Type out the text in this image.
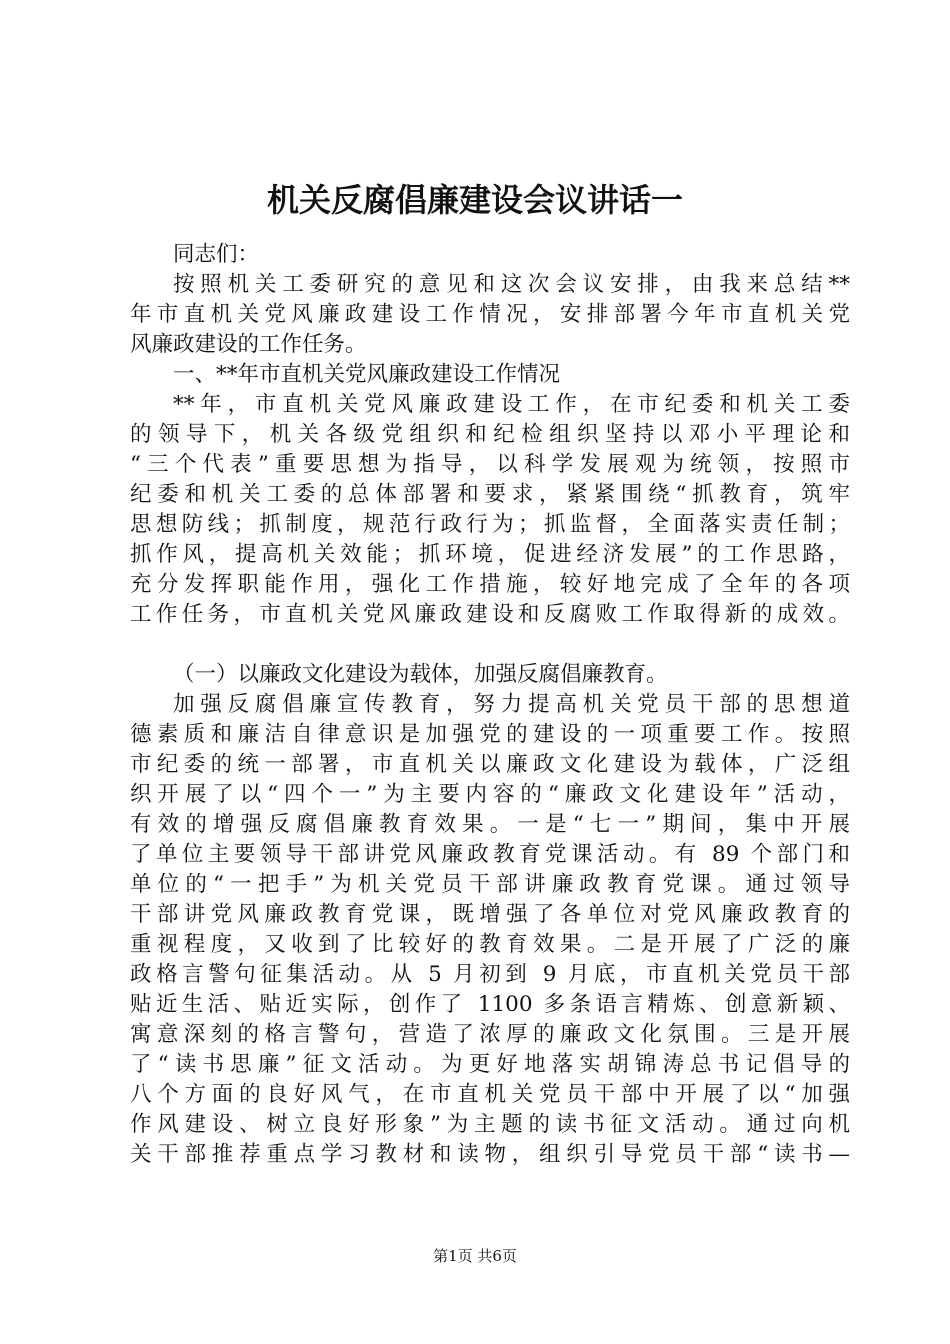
机关反腐倡廉建设会议讲话一
同志们：
按照机关工委研究的意见和这次会议安排，由我来总结**
年市直机关党风廉政建设工作情况，安排部署今年市直机关党
风廉政建设的工作任务。
一、**年市直机关党风廉政建设工作情况
**年，市直机关党风廉政建设工作，在市纪委和机关工委
的领导下，机关各级党组织和纪检组织坚持以邓小平理论和
“三个代表”重要思想为指导，以科学发展观为统领，按照市
纪委和机关工委的总体部署和要求，紧紧围绕“抓教育，筑牢
思想防线；抓制度，规范行政行为；抓监督，全面落实责任制；
抓作风，提高机关效能；抓环境，促进经济发展”的工作思路，
充分发挥职能作用，强化工作措施，较好地完成了全年的各项
工作任务，市直机关党风廉政建设和反腐败工作取得新的成效。
（一）以廉政文化建设为载体，加强反腐倡廉教育。
加强反腐倡廉宣传教育，努力提高机关党员干部的思想道
德素质和廉洁自律意识是加强党的建设的一项重要工作。按照
市纪委的统一部署，市直机关以廉政文化建设为载体，广泛组
织开展了以“四个一”为主要内容的“廉政文化建设年”活动，
有效的增强反腐倡廉教育效果。一是“七一”期间，集中开展
了单位主要领导干部讲党风廉政教育党课活动。有 89 个部门和
单位的“一把手”为机关党员干部讲廉政教育党课。通过领导
干部讲党风廉政教育党课，既增强了各单位对党风廉政教育的
重视程度，又收到了比较好的教育效果。二是开展了广泛的廉
政格言警句征集活动。从 5 月初到 9 月底，市直机关党员干部
贴近生活、贴近实际，创作了 1100 多条语言精炼、创意新颖、
寓意深刻的格言警句，营造了浓厚的廉政文化氛围。三是开展
了“读书思廉”征文活动。为更好地落实胡锦涛总书记倡导的
八个方面的良好风气，在市直机关党员干部中开展了以“加强
作风建设、树立良好形象”为主题的读书征文活动。通过向机
关干部推荐重点学习教材和读物，组织引导党员干部“读书—
第1页 共6页
